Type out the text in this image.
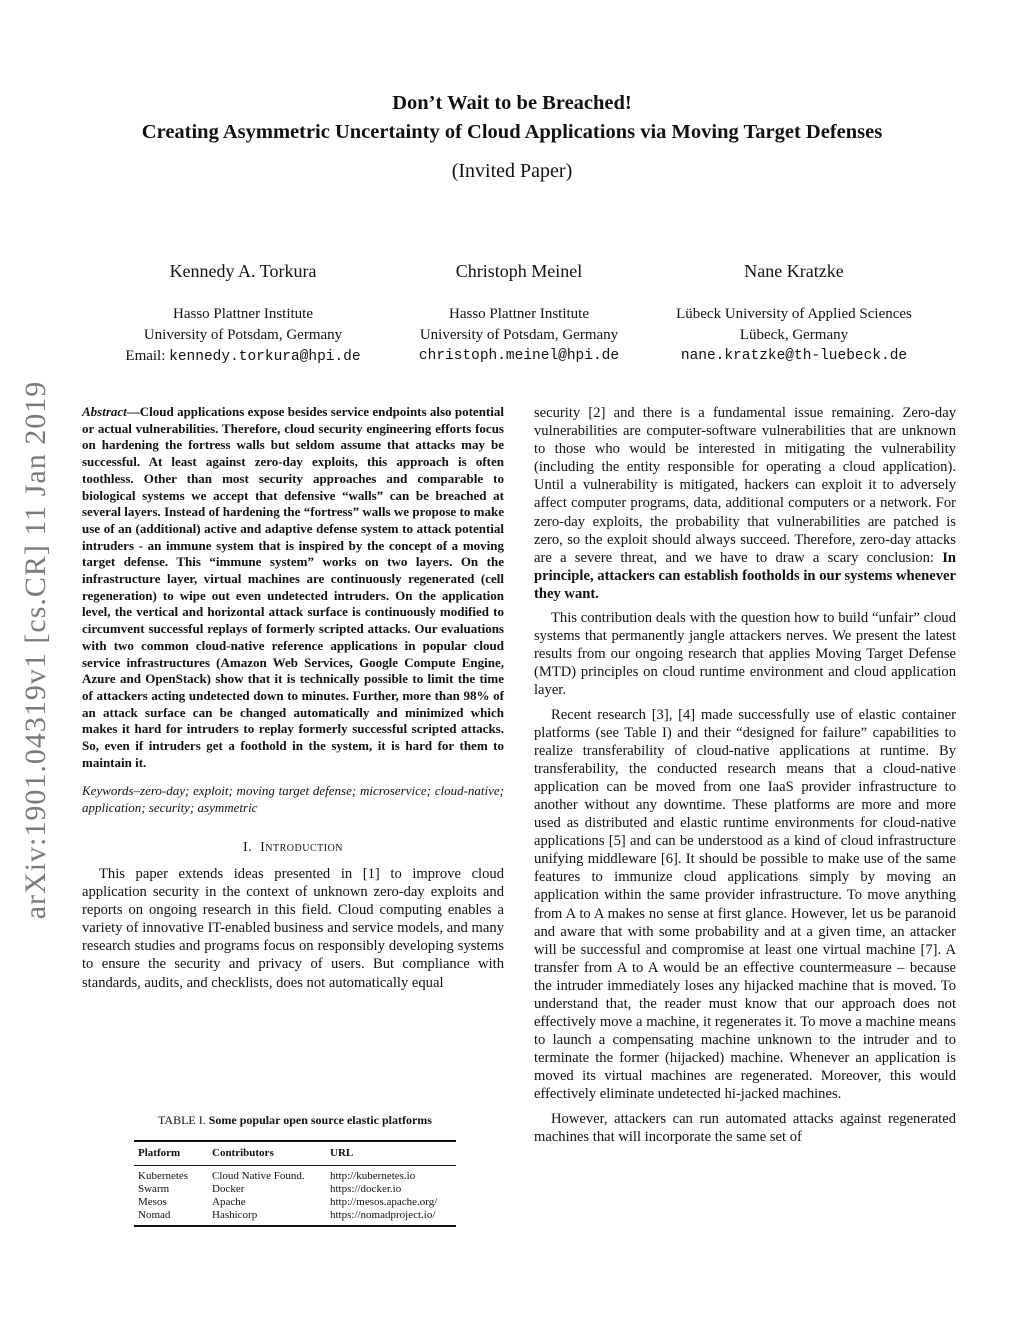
arXiv:1901.04319v1 [cs.CR] 11 Jan 2019
Don’t Wait to be Breached!
Creating Asymmetric Uncertainty of Cloud Applications via Moving Target Defenses
(Invited Paper)
Kennedy A. Torkura
Hasso Plattner Institute
University of Potsdam, Germany
Email: kennedy.torkura@hpi.de
Christoph Meinel
Hasso Plattner Institute
University of Potsdam, Germany
christoph.meinel@hpi.de
Nane Kratzke
Lübeck University of Applied Sciences
Lübeck, Germany
nane.kratzke@th-luebeck.de
Abstract—Cloud applications expose besides service endpoints also potential or actual vulnerabilities. Therefore, cloud security engineering efforts focus on hardening the fortress walls but seldom assume that attacks may be successful. At least against zero-day exploits, this approach is often toothless. Other than most security approaches and comparable to biological systems we accept that defensive “walls” can be breached at several layers. Instead of hardening the “fortress” walls we propose to make use of an (additional) active and adaptive defense system to attack potential intruders - an immune system that is inspired by the concept of a moving target defense. This “immune system” works on two layers. On the infrastructure layer, virtual machines are continuously regenerated (cell regeneration) to wipe out even undetected intruders. On the application level, the vertical and horizontal attack surface is continuously modified to circumvent successful replays of formerly scripted attacks. Our evaluations with two common cloud-native reference applications in popular cloud service infrastructures (Amazon Web Services, Google Compute Engine, Azure and OpenStack) show that it is technically possible to limit the time of attackers acting undetected down to minutes. Further, more than 98% of an attack surface can be changed automatically and minimized which makes it hard for intruders to replay formerly successful scripted attacks. So, even if intruders get a foothold in the system, it is hard for them to maintain it.
Keywords–zero-day; exploit; moving target defense; microservice; cloud-native; application; security; asymmetric
I. Introduction

This paper extends ideas presented in [1] to improve cloud application security in the context of unknown zero-day exploits and reports on ongoing research in this field. Cloud computing enables a variety of innovative IT-enabled business and service models, and many research studies and programs focus on responsibly developing systems to ensure the security and privacy of users. But compliance with standards, audits, and checklists, does not automatically equal

TABLE I. Some popular open source elastic platforms
Platform	Contributors	URL
Kubernetes	Cloud Native Found.	http://kubernetes.io
Swarm	Docker	https://docker.io
Mesos	Apache	http://mesos.apache.org/
Nomad	Hashicorp	https://nomadproject.io/

security [2] and there is a fundamental issue remaining. Zero-day vulnerabilities are computer-software vulnerabilities that are unknown to those who would be interested in mitigating the vulnerability (including the entity responsible for operating a cloud application). Until a vulnerability is mitigated, hackers can exploit it to adversely affect computer programs, data, additional computers or a network. For zero-day exploits, the probability that vulnerabilities are patched is zero, so the exploit should always succeed. Therefore, zero-day attacks are a severe threat, and we have to draw a scary conclusion: In principle, attackers can establish footholds in our systems whenever they want.

This contribution deals with the question how to build “unfair” cloud systems that permanently jangle attackers nerves. We present the latest results from our ongoing research that applies Moving Target Defense (MTD) principles on cloud runtime environment and cloud application layer.

Recent research [3], [4] made successfully use of elastic container platforms (see Table I) and their “designed for failure” capabilities to realize transferability of cloud-native applications at runtime. By transferability, the conducted research means that a cloud-native application can be moved from one IaaS provider infrastructure to another without any downtime. These platforms are more and more used as distributed and elastic runtime environments for cloud-native applications [5] and can be understood as a kind of cloud infrastructure unifying middleware [6]. It should be possible to make use of the same features to immunize cloud applications simply by moving an application within the same provider infrastructure. To move anything from A to A makes no sense at first glance. However, let us be paranoid and aware that with some probability and at a given time, an attacker will be successful and compromise at least one virtual machine [7]. A transfer from A to A would be an effective countermeasure – because the intruder immediately loses any hijacked machine that is moved. To understand that, the reader must know that our approach does not effectively move a machine, it regenerates it. To move a machine means to launch a compensating machine unknown to the intruder and to terminate the former (hijacked) machine. Whenever an application is moved its virtual machines are regenerated. Moreover, this would effectively eliminate undetected hi-jacked machines.

However, attackers can run automated attacks against regenerated machines that will incorporate the same set of
